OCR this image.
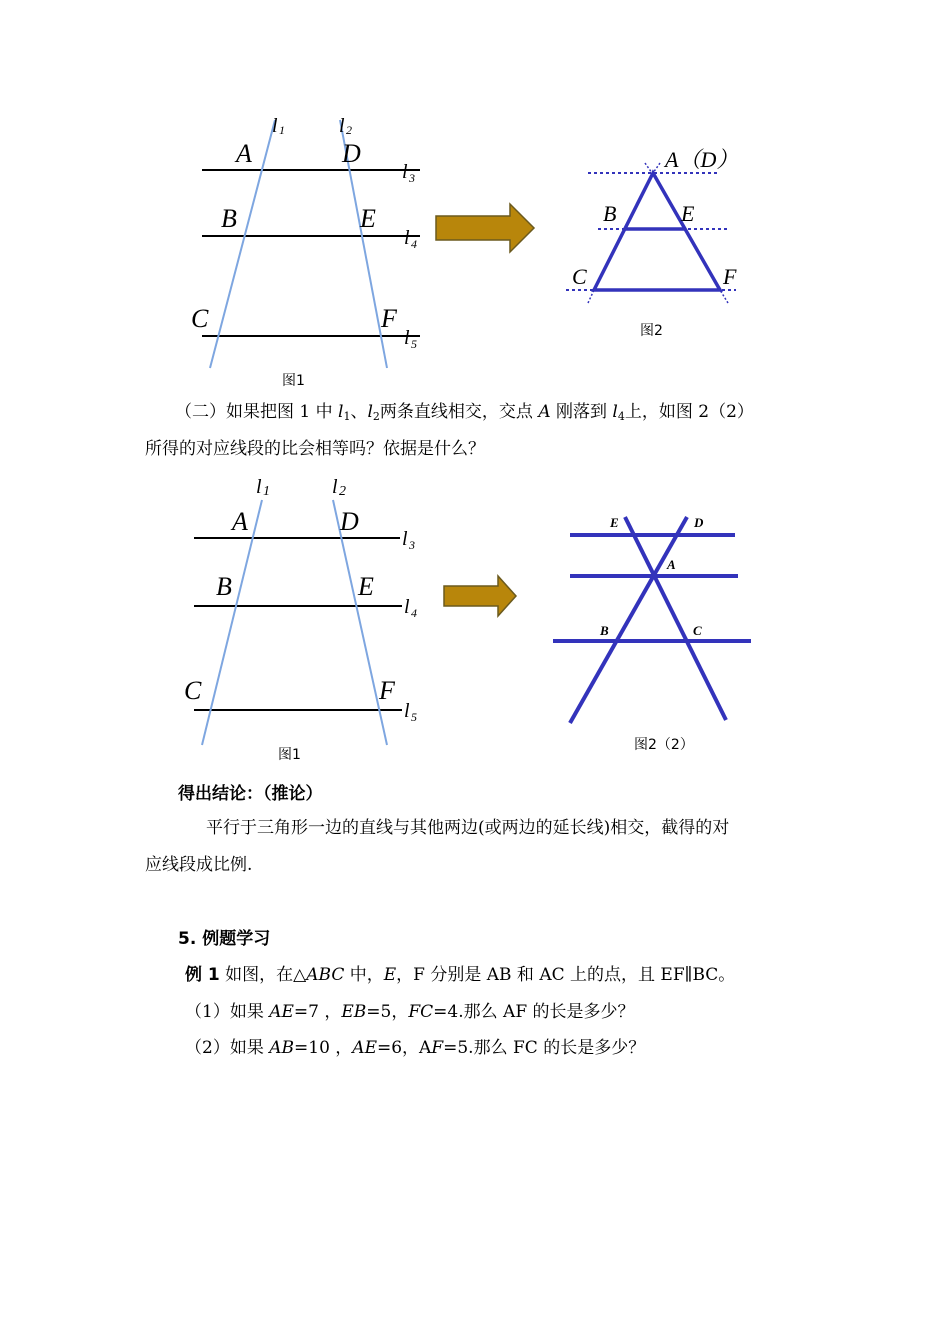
l 1	l 2
l 3
l 4
l 5
A	D
B	E
C	F
图1
A（D）
B	E
C	F
图2
（二）如果把图 1 中 $l_1$、$l_2$两条直线相交，交点 A 刚落到 $l_4$上，如图 2（2）
所得的对应线段的比会相等吗？依据是什么？
l 1	l 2
l 3
l 4
l 5
A	D
B	E
C	F
图1
E	D
A
B	C
图2（2）
得出结论：（推论）
平行于三角形一边的直线与其他两边(或两边的延长线)相交，截得的对
应线段成比例.
5. 例题学习
例 1 如图，在△ABC 中，E，F 分别是 AB 和 AC 上的点，且 EF∥BC。
（1）如果 AE=7 ，EB=5，FC=4.那么 AF 的长是多少？
（2）如果 AB=10 ，AE=6，AF=5.那么 FC 的长是多少？
